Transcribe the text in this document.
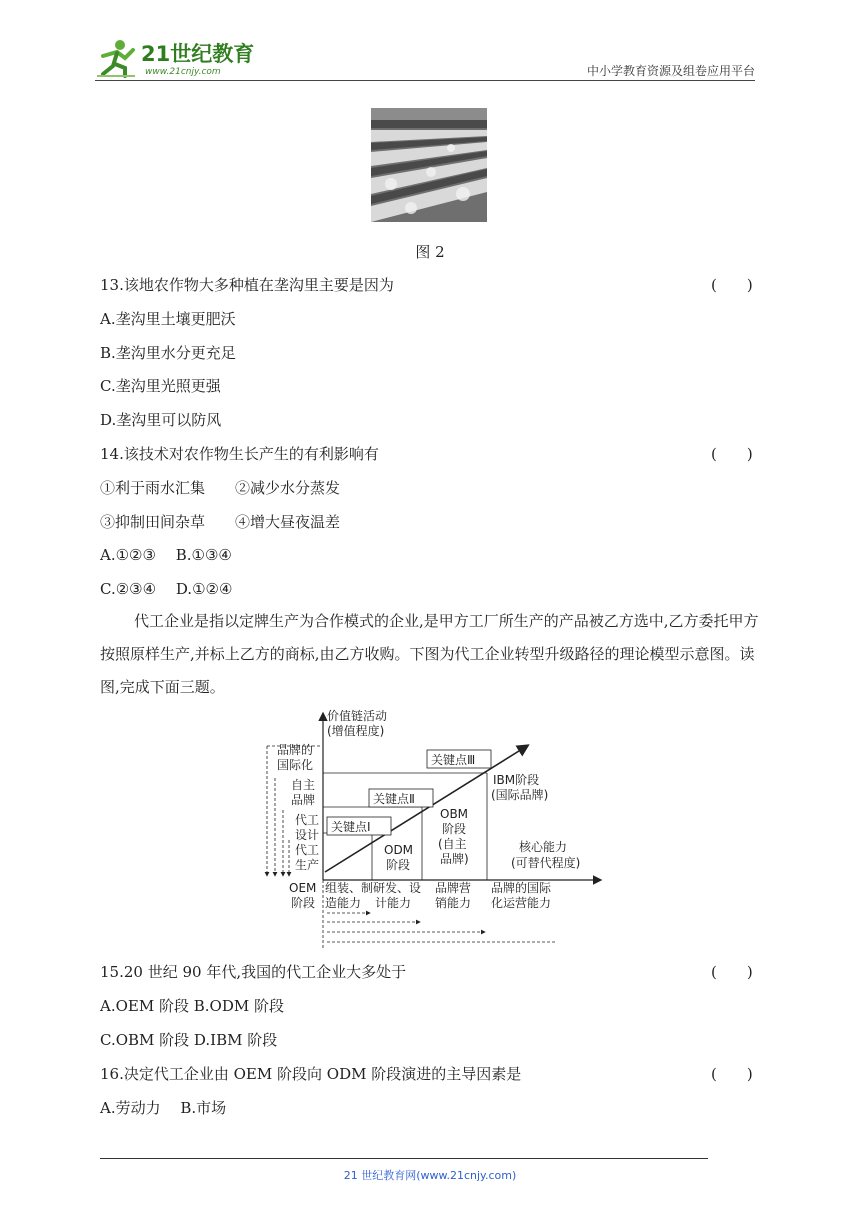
21世纪教育
www.21cnjy.com	中小学教育资源及组卷应用平台
图 2
13.该地农作物大多种植在垄沟里主要是因为	(　　)
A.垄沟里土壤更肥沃
B.垄沟里水分更充足
C.垄沟里光照更强
D.垄沟里可以防风
14.该技术对农作物生长产生的有利影响有	(　　)
①利于雨水汇集　　②减少水分蒸发
③抑制田间杂草　　④增大昼夜温差
A.①②③　 B.①③④
C.②③④　 D.①②④
代工企业是指以定牌生产为合作模式的企业,是甲方工厂所生产的产品被乙方选中,乙方委托甲方按照原样生产,并标上乙方的商标,由乙方收购。下图为代工企业转型升级路径的理论模型示意图。读图,完成下面三题。
价值链活动
(增值程度)
核心能力
(可替代程度)
品牌的
国际化
自主
品牌
代工
设计
代工
生产
关键点Ⅰ
关键点Ⅱ
关键点Ⅲ
OEM
阶段
ODM
阶段
OBM
阶段
(自主
品牌)
IBM阶段
(国际品牌)
组装、制
造能力
研发、设
计能力
品牌营
销能力
品牌的国际
化运营能力
15.20 世纪 90 年代,我国的代工企业大多处于	(　　)
A.OEM 阶段 B.ODM 阶段
C.OBM 阶段 D.IBM 阶段
16.决定代工企业由 OEM 阶段向 ODM 阶段演进的主导因素是	(　　)
A.劳动力　 B.市场
21 世纪教育网(www.21cnjy.com)
